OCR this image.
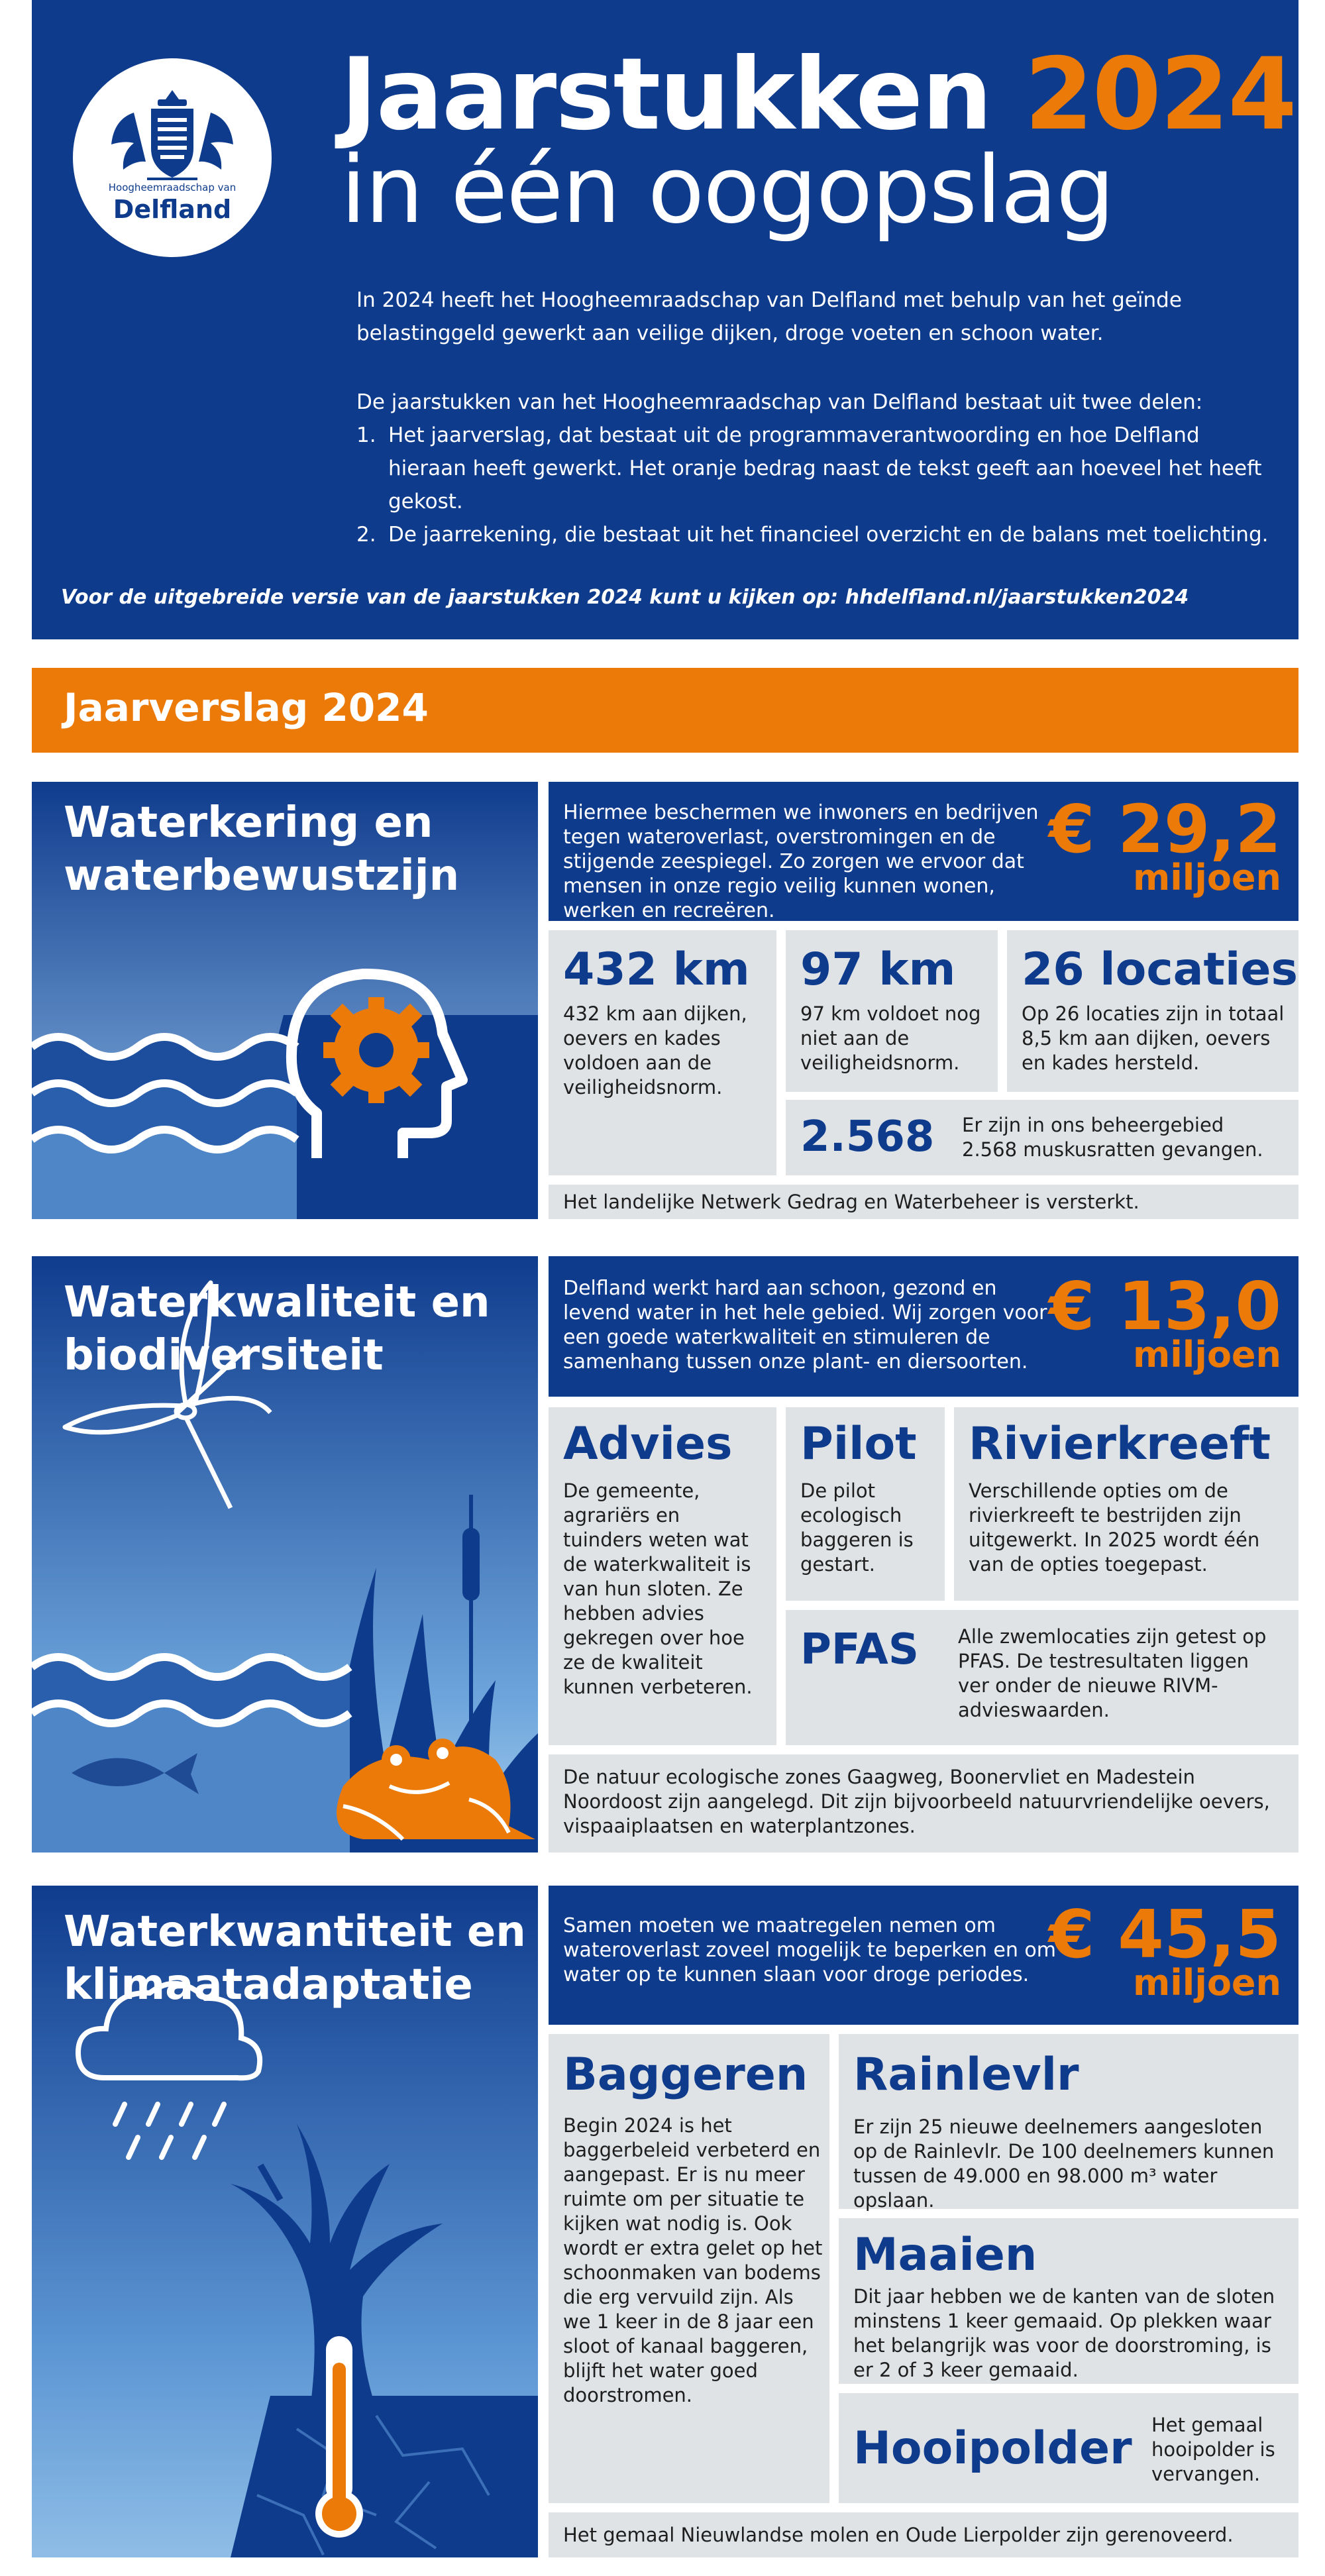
Hoogheemraadschap van
Delfland
Jaarstukken 2024
in één oogopslag
In 2024 heeft het Hoogheemraadschap van Delfland met behulp van het geïnde belastinggeld gewerkt aan veilige dijken, droge voeten en schoon water.
De jaarstukken van het Hoogheemraadschap van Delfland bestaat uit twee delen:
1. Het jaarverslag, dat bestaat uit de programmaverantwoording en hoe Delfland hieraan heeft gewerkt. Het oranje bedrag naast de tekst geeft aan hoeveel het heeft gekost.
2. De jaarrekening, die bestaat uit het financieel overzicht en de balans met toelichting.
Voor de uitgebreide versie van de jaarstukken 2024 kunt u kijken op: hhdelfland.nl/jaarstukken2024
Jaarverslag 2024
Waterkering en
waterbewustzijn
Hiermee beschermen we inwoners en bedrijven tegen wateroverlast, overstromingen en de stijgende zeespiegel. Zo zorgen we ervoor dat mensen in onze regio veilig kunnen wonen, werken en recreëren.
€ 29,2
miljoen
432 km
432 km aan dijken, oevers en kades voldoen aan de veiligheidsnorm.
97 km
97 km voldoet nog niet aan de veiligheidsnorm.
26 locaties
Op 26 locaties zijn in totaal 8,5 km aan dijken, oevers en kades hersteld.
2.568 Er zijn in ons beheergebied 2.568 muskusratten gevangen.
Het landelijke Netwerk Gedrag en Waterbeheer is versterkt.
Waterkwaliteit en
biodiversiteit
Delfland werkt hard aan schoon, gezond en levend water in het hele gebied. Wij zorgen voor een goede waterkwaliteit en stimuleren de samenhang tussen onze plant- en diersoorten.
€ 13,0
miljoen
Advies
De gemeente, agrariërs en tuinders weten wat de waterkwaliteit is van hun sloten. Ze hebben advies gekregen over hoe ze de kwaliteit kunnen verbeteren.
Pilot
De pilot ecologisch baggeren is gestart.
Rivierkreeft
Verschillende opties om de rivierkreeft te bestrijden zijn uitgewerkt. In 2025 wordt één van de opties toegepast.
PFAS Alle zwemlocaties zijn getest op PFAS. De testresultaten liggen ver onder de nieuwe RIVM-advieswaarden.
De natuur ecologische zones Gaagweg, Boonervliet en Madestein Noordoost zijn aangelegd. Dit zijn bijvoorbeeld natuurvriendelijke oevers, vispaaiplaatsen en waterplantzones.
Waterkwantiteit en
klimaatadaptatie
Samen moeten we maatregelen nemen om wateroverlast zoveel mogelijk te beperken en om water op te kunnen slaan voor droge periodes.
€ 45,5
miljoen
Baggeren
Begin 2024 is het baggerbeleid verbeterd en aangepast. Er is nu meer ruimte om per situatie te kijken wat nodig is. Ook wordt er extra gelet op het schoonmaken van bodems die erg vervuild zijn. Als we 1 keer in de 8 jaar een sloot of kanaal baggeren, blijft het water goed doorstromen.
Rainlevlr
Er zijn 25 nieuwe deelnemers aangesloten op de Rainlevlr. De 100 deelnemers kunnen tussen de 49.000 en 98.000 m³ water opslaan.
Maaien
Dit jaar hebben we de kanten van de sloten minstens 1 keer gemaaid. Op plekken waar het belangrijk was voor de doorstroming, is er 2 of 3 keer gemaaid.
Hooipolder Het gemaal hooipolder is vervangen.
Het gemaal Nieuwlandse molen en Oude Lierpolder zijn gerenoveerd.
